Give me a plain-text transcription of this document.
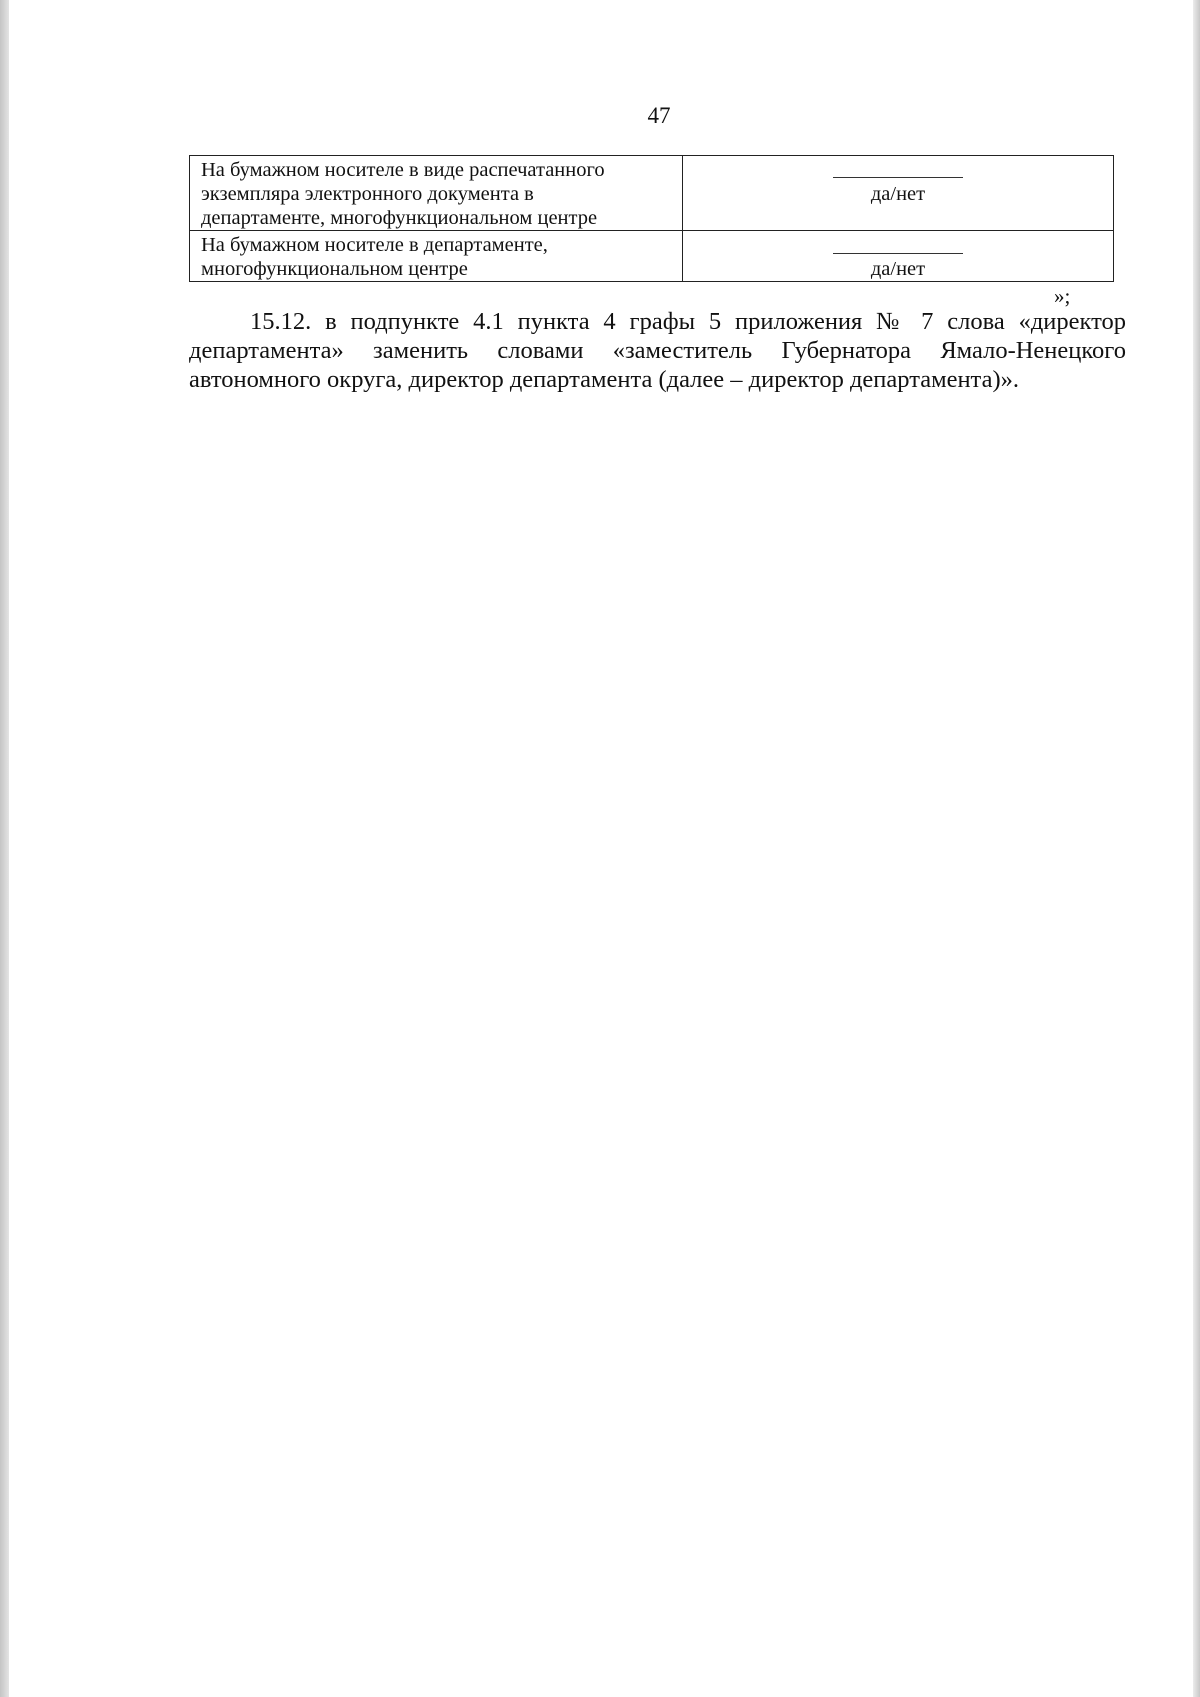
47
На бумажном носителе в виде распечатанного
экземпляра электронного документа в
департаменте, многофункциональном центре	да/нет

На бумажном носителе в департаменте,
многофункциональном центре	да/нет
»;

15.12. в подпункте 4.1 пункта 4 графы 5 приложения № 7 слова «директор департамента» заменить словами «заместитель Губернатора Ямало-Ненецкого автономного округа, директор департамента (далее – директор департамента)».
